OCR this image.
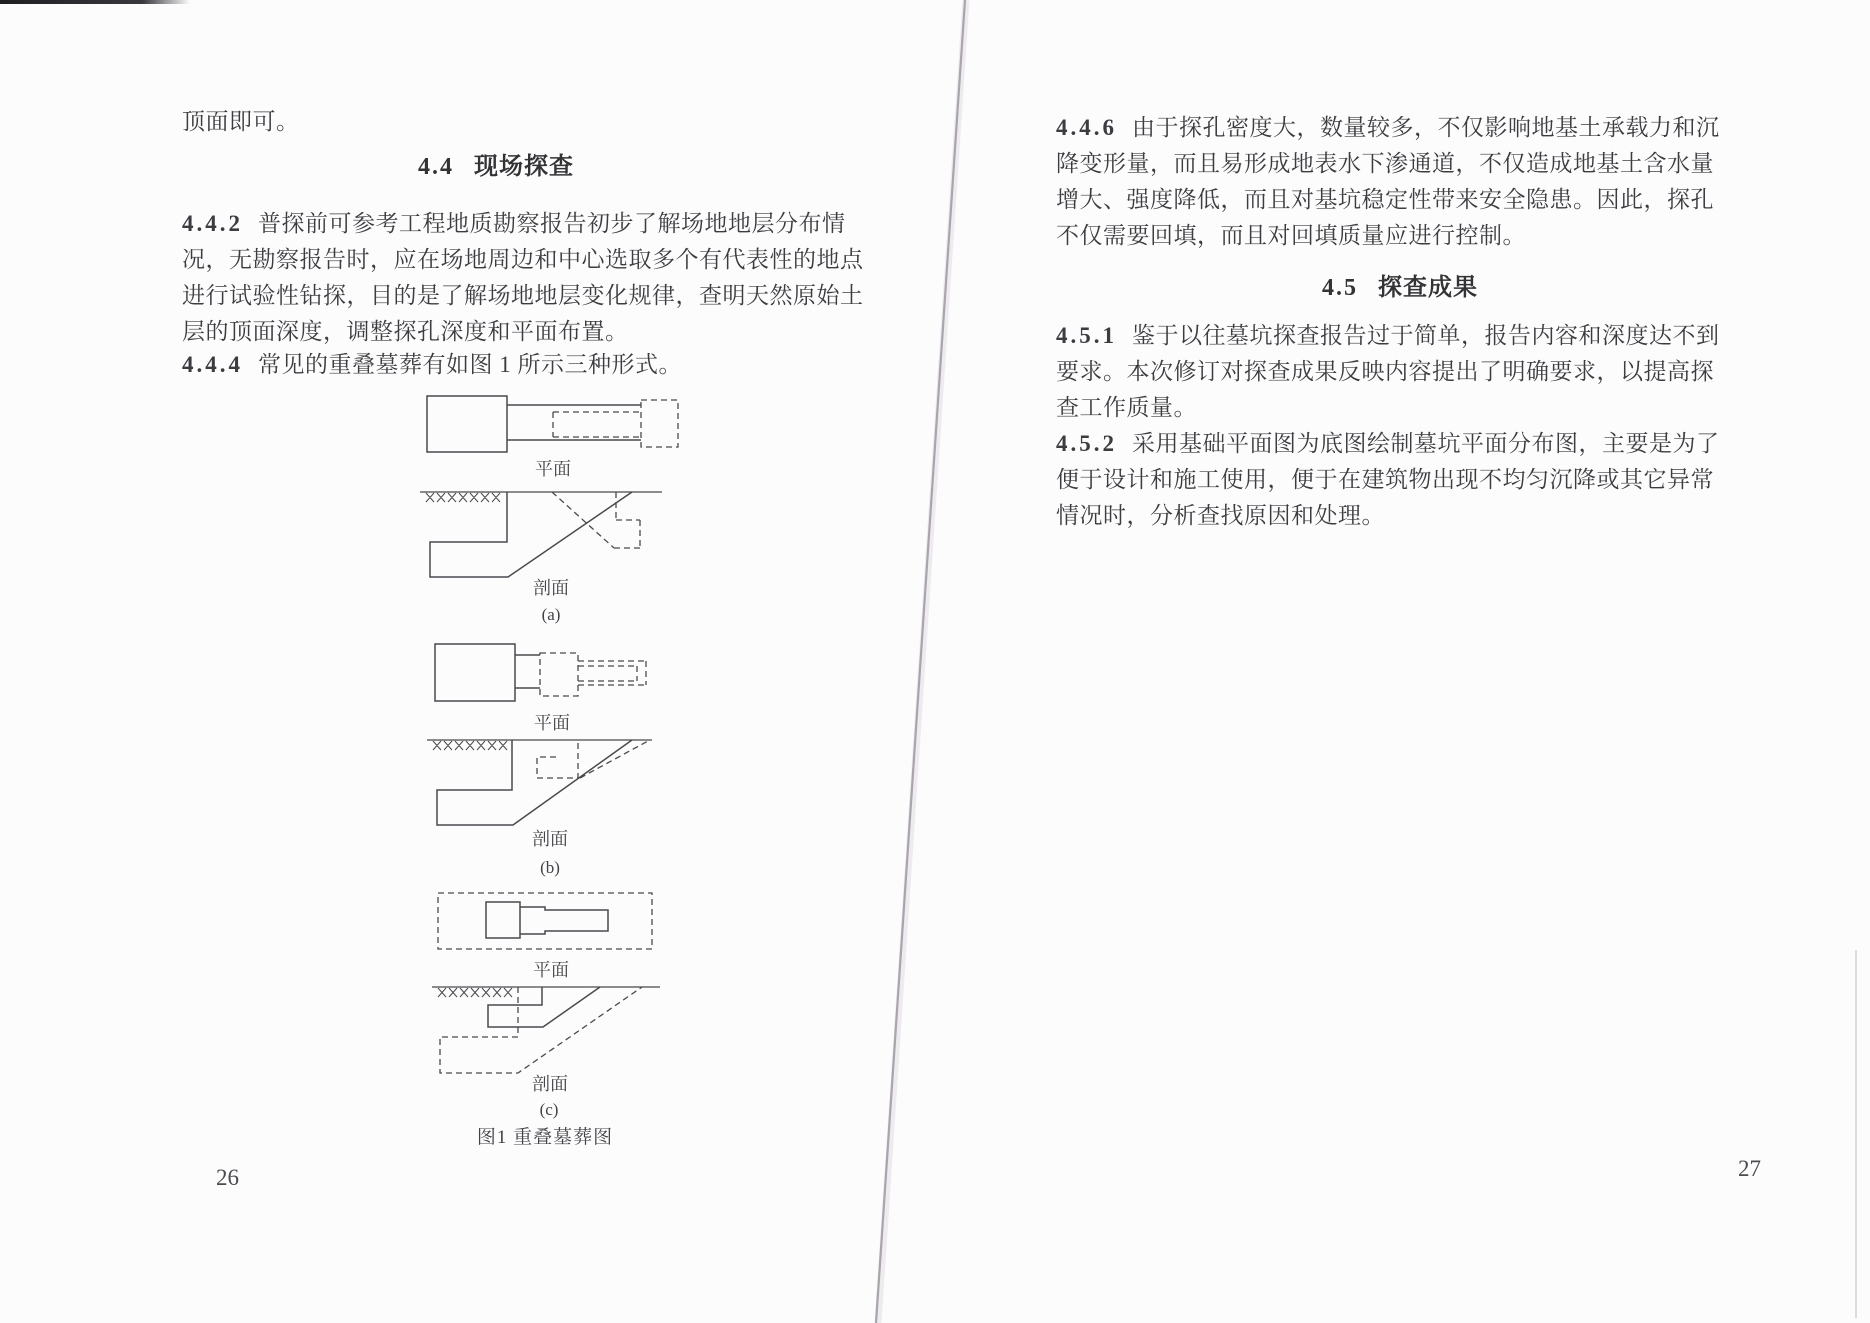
顶面即可。
4.4 现场探查
4.4.2 普探前可参考工程地质勘察报告初步了解场地地层分布情
况，无勘察报告时，应在场地周边和中心选取多个有代表性的地点
进行试验性钻探，目的是了解场地地层变化规律，查明天然原始土
层的顶面深度，调整探孔深度和平面布置。
4.4.4 常见的重叠墓葬有如图 1 所示三种形式。
平面
剖面
(a)
平面
剖面
(b)
平面
剖面
(c)
图1 重叠墓葬图
26
4.4.6 由于探孔密度大，数量较多，不仅影响地基土承载力和沉
降变形量，而且易形成地表水下渗通道，不仅造成地基土含水量
增大、强度降低，而且对基坑稳定性带来安全隐患。因此，探孔
不仅需要回填，而且对回填质量应进行控制。
4.5 探查成果
4.5.1 鉴于以往墓坑探查报告过于简单，报告内容和深度达不到
要求。本次修订对探查成果反映内容提出了明确要求，以提高探
查工作质量。
4.5.2 采用基础平面图为底图绘制墓坑平面分布图，主要是为了
便于设计和施工使用，便于在建筑物出现不均匀沉降或其它异常
情况时，分析查找原因和处理。
27
